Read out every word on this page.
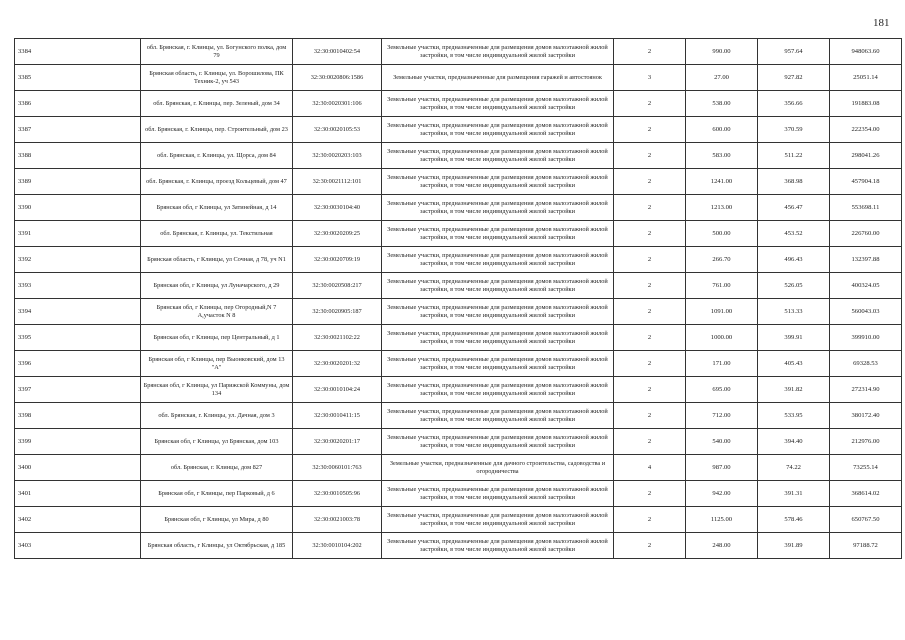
181
3384	обл. Брянская, г. Клинцы, ул. Богунского полка, дом 79	32:30:0010402:54	Земельные участки, предназначенные для размещения домов малоэтажной жилой застройки, в том числе индивидуальной жилой застройки	2	990.00	957.64	948063.60
3385	Брянская область, г. Клинцы, ул. Ворошилова, ПК Техник-2, уч 543	32:30:0020806:1586	Земельные участки, предназначенные для размещения гаражей и автостоянок	3	27.00	927.82	25051.14
3386	обл. Брянская, г. Клинцы, пер. Зеленый, дом 34	32:30:0020301:106	Земельные участки, предназначенные для размещения домов малоэтажной жилой застройки, в том числе индивидуальной жилой застройки	2	538.00	356.66	191883.08
3387	обл. Брянская, г. Клинцы, пер. Строительный, дом 23	32:30:0020105:53	Земельные участки, предназначенные для размещения домов малоэтажной жилой застройки, в том числе индивидуальной жилой застройки	2	600.00	370.59	222354.00
3388	обл. Брянская, г. Клинцы, ул. Щорса, дом 84	32:30:0020203:103	Земельные участки, предназначенные для размещения домов малоэтажной жилой застройки, в том числе индивидуальной жилой застройки	2	583.00	511.22	298041.26
3389	обл. Брянская, г. Клинцы, проезд Кольцевый, дом 47	32:30:0021112:101	Земельные участки, предназначенные для размещения домов малоэтажной жилой застройки, в том числе индивидуальной жилой застройки	2	1241.00	368.98	457904.18
3390	Брянская обл, г Клинцы, ул Затинейная, д 14	32:30:0030104:40	Земельные участки, предназначенные для размещения домов малоэтажной жилой застройки, в том числе индивидуальной жилой застройки	2	1213.00	456.47	553698.11
3391	обл. Брянская, г. Клинцы, ул. Текстильная	32:30:0020209:25	Земельные участки, предназначенные для размещения домов малоэтажной жилой застройки, в том числе индивидуальной жилой застройки	2	500.00	453.52	226760.00
3392	Брянская область, г Клинцы, ул Сочная, д 78, уч N1	32:30:0020709:19	Земельные участки, предназначенные для размещения домов малоэтажной жилой застройки, в том числе индивидуальной жилой застройки	2	266.70	496.43	132397.88
3393	Брянская обл, г Клинцы, ул Луначарского, д 29	32:30:0020508:217	Земельные участки, предназначенные для размещения домов малоэтажной жилой застройки, в том числе индивидуальной жилой застройки	2	761.00	526.05	400324.05
3394	Брянская обл, г Клинцы, пер Огородный,N 7 А,участок N 8	32:30:0020905:187	Земельные участки, предназначенные для размещения домов малоэтажной жилой застройки, в том числе индивидуальной жилой застройки	2	1091.00	513.33	560043.03
3395	Брянская обл, г Клинцы, пер Центральный, д 1	32:30:0021102:22	Земельные участки, предназначенные для размещения домов малоэтажной жилой застройки, в том числе индивидуальной жилой застройки	2	1000.00	399.91	399910.00
3396	Брянская обл, г Клинцы, пер Выонковский, дом 13 "А"	32:30:0020201:32	Земельные участки, предназначенные для размещения домов малоэтажной жилой застройки, в том числе индивидуальной жилой застройки	2	171.00	405.43	69328.53
3397	Брянская обл, г Клинцы, ул Парижской Коммуны, дом 134	32:30:0010104:24	Земельные участки, предназначенные для размещения домов малоэтажной жилой застройки, в том числе индивидуальной жилой застройки	2	695.00	391.82	272314.90
3398	обл. Брянская, г. Клинцы, ул. Дачная, дом 3	32:30:0010411:15	Земельные участки, предназначенные для размещения домов малоэтажной жилой застройки, в том числе индивидуальной жилой застройки	2	712.00	533.95	380172.40
3399	Брянская обл, г Клинцы, ул Брянская, дом 103	32:30:0020201:17	Земельные участки, предназначенные для размещения домов малоэтажной жилой застройки, в том числе индивидуальной жилой застройки	2	540.00	394.40	212976.00
3400	обл. Брянская, г. Клинцы, дом 827	32:30:0060101:763	Земельные участки, предназначенные для дачного строительства, садоводства и огородничества	4	987.00	74.22	73255.14
3401	Брянская обл, г Клинцы, пер Парковый, д 6	32:30:0010505:96	Земельные участки, предназначенные для размещения домов малоэтажной жилой застройки, в том числе индивидуальной жилой застройки	2	942.00	391.31	368614.02
3402	Брянская обл, г Клинцы, ул Мира, д 80	32:30:0021003:78	Земельные участки, предназначенные для размещения домов малоэтажной жилой застройки, в том числе индивидуальной жилой застройки	2	1125.00	578.46	650767.50
3403	Брянская область, г Клинцы, ул Октябрьская, д 185	32:30:0010104:202	Земельные участки, предназначенные для размещения домов малоэтажной жилой застройки, в том числе индивидуальной жилой застройки	2	248.00	391.89	97188.72
